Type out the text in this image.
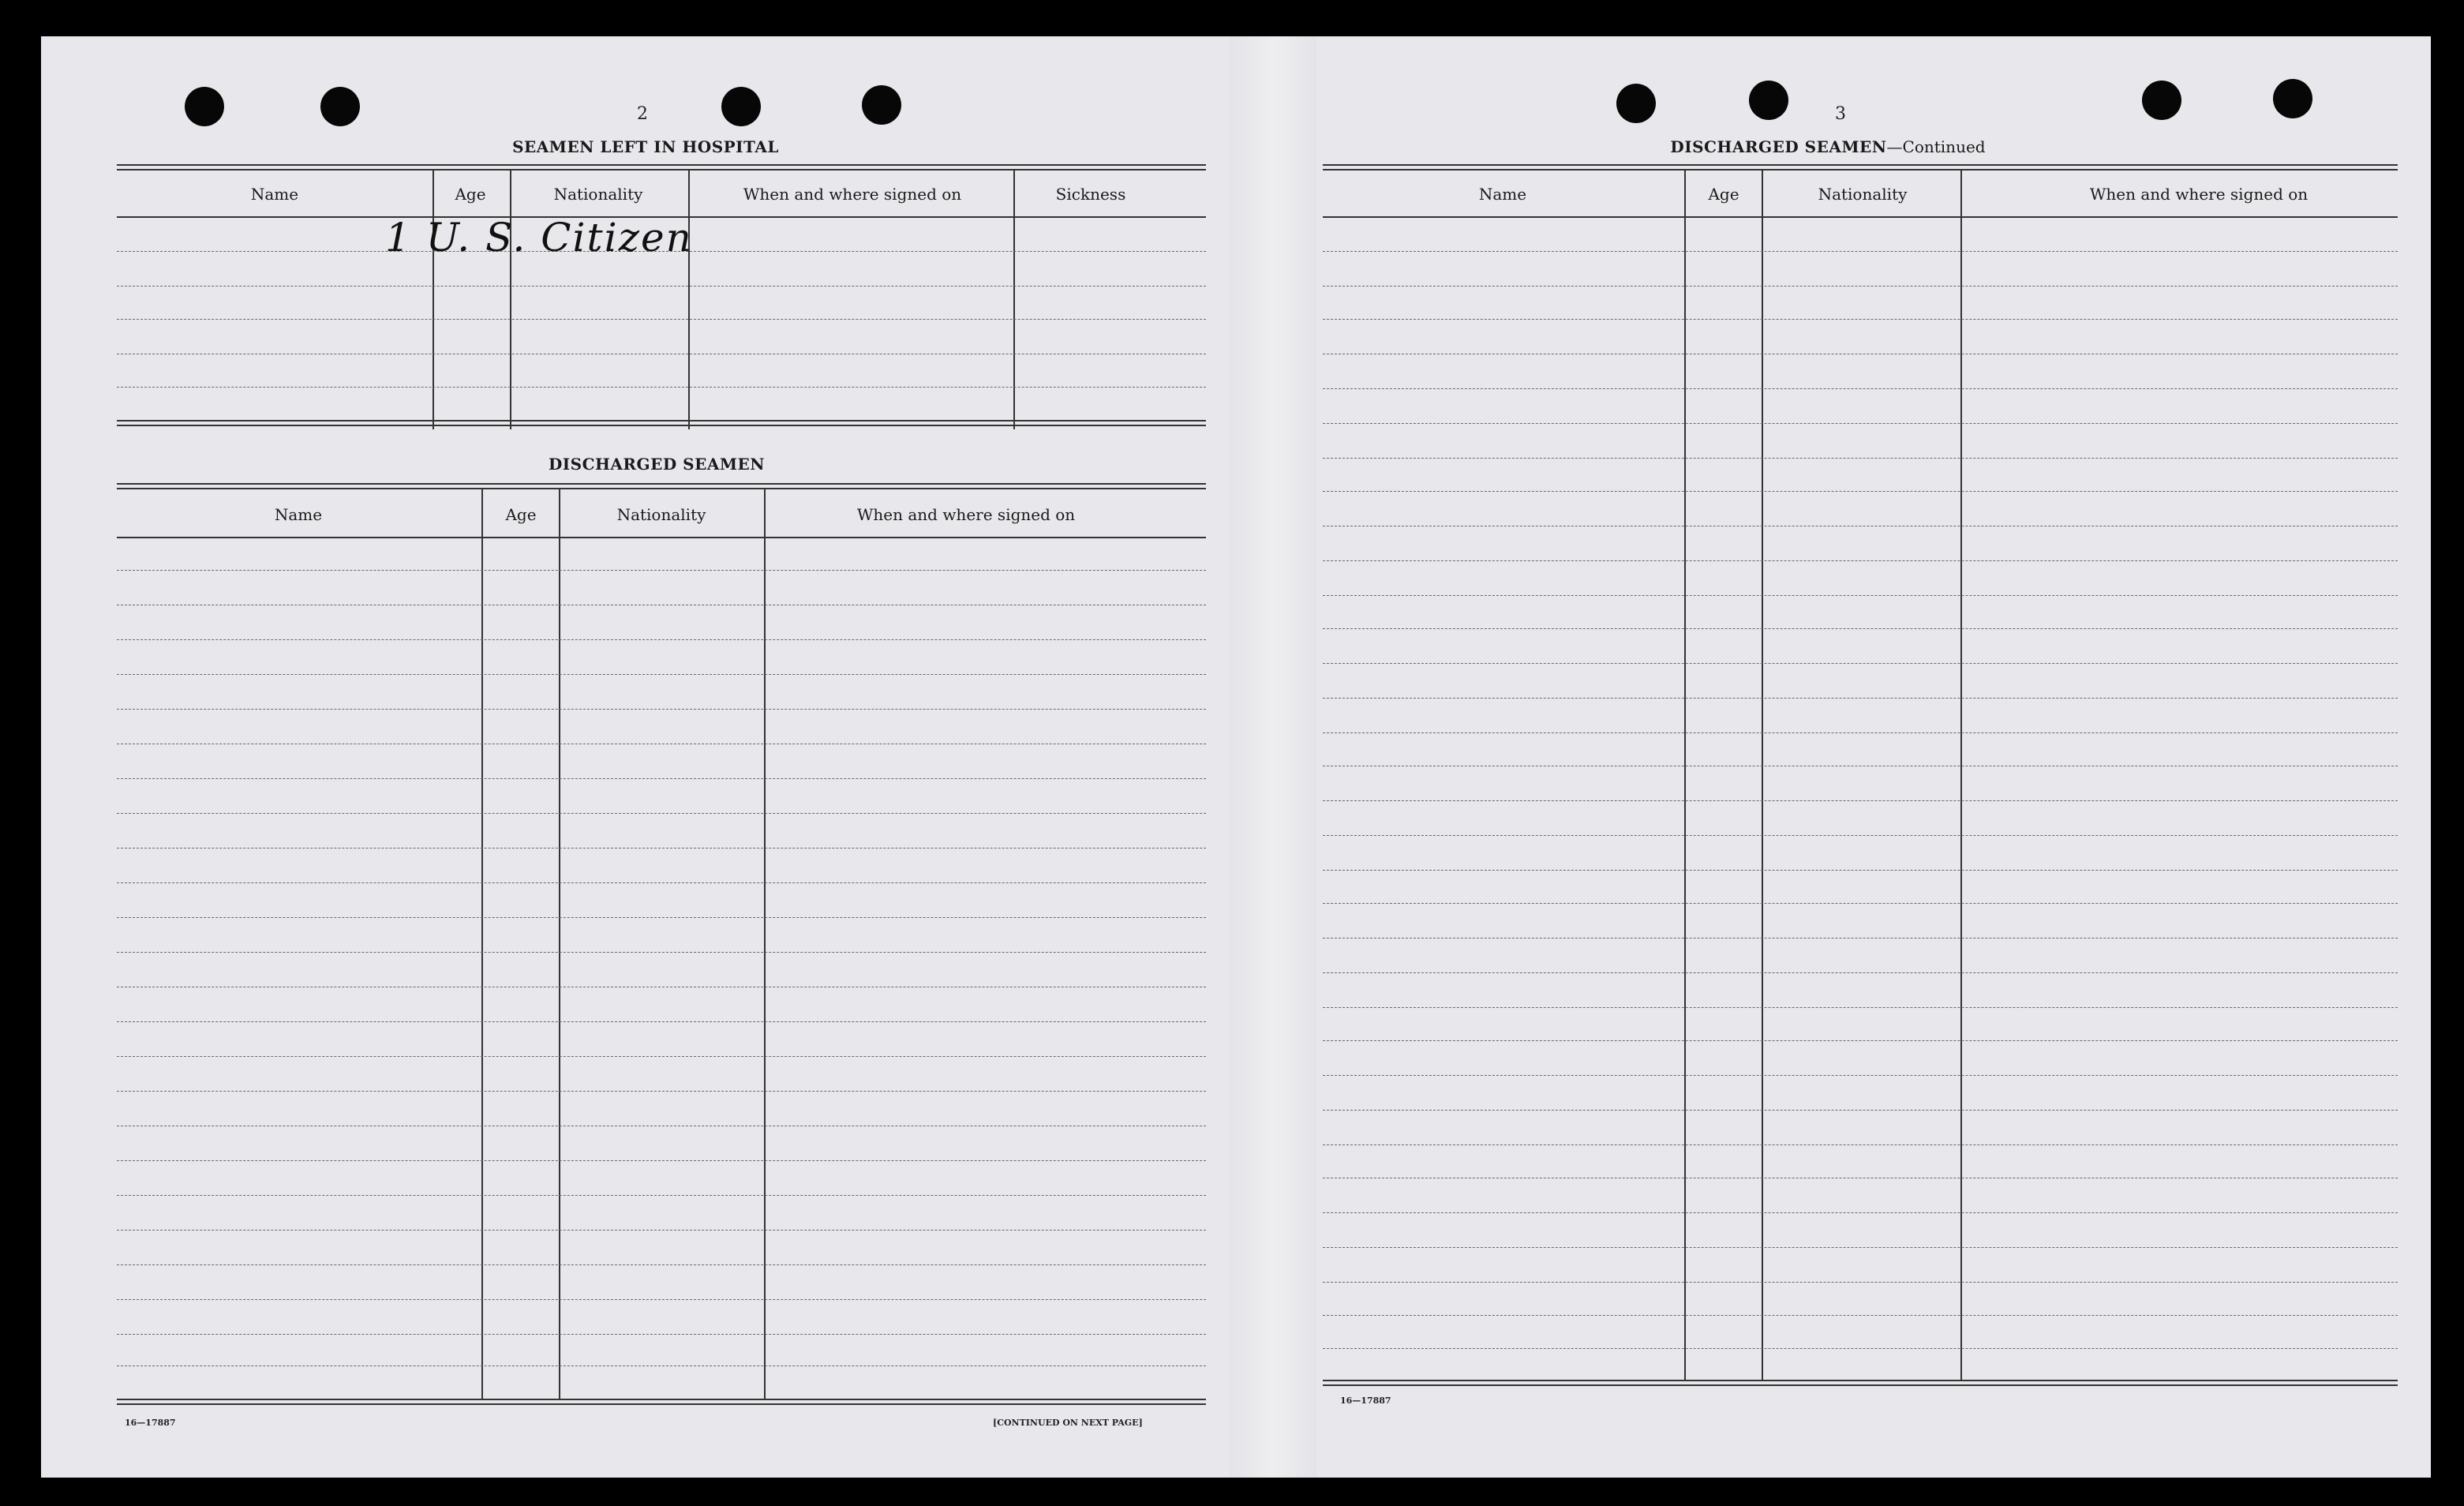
2
SEAMEN LEFT IN HOSPITAL
Name	Age	Nationality	When and where signed on	Sickness
1 U. S. Citizen
DISCHARGED SEAMEN
Name	Age	Nationality	When and where signed on
16—17887	[CONTINUED ON NEXT PAGE]
3
DISCHARGED SEAMEN—Continued
Name	Age	Nationality	When and where signed on
16—17887
